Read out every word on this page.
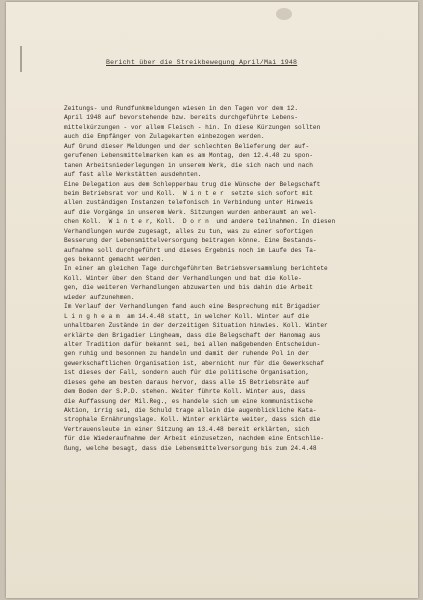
Bericht über die Streikbewegung April/Mai 1948
Zeitungs- und Rundfunkmeldungen wiesen in den Tagen vor dem 12.
April 1948 auf bevorstehende bzw. bereits durchgeführte Lebens-
mittelkürzungen - vor allem Fleisch - hin. In diese Kürzungen sollten
auch die Empfänger von Zulagekarten einbezogen werden.
Auf Grund dieser Meldungen und der schlechten Belieferung der auf-
gerufenen Lebensmittelmarken kam es am Montag, den 12.4.48 zu spon-
tanen Arbeitsniederlegungen in unserem Werk, die sich nach und nach
auf fast alle Werkstätten ausdehnten.
Eine Delegation aus dem Schlepperbau trug die Wünsche der Belegschaft
beim Betriebsrat vor und Koll.  W i n t e r  setzte sich sofort mit
allen zuständigen Instanzen telefonisch in Verbindung unter Hinweis
auf die Vorgänge in unserem Werk. Sitzungen wurden anberaumt an wel-
chen Koll.  W i n t e r, Koll.  D o r n  und andere teilnahmen. In diesen
Verhandlungen wurde zugesagt, alles zu tun, was zu einer sofortigen
Besserung der Lebensmittelversorgung beitragen könne. Eine Bestands-
aufnahme soll durchgeführt und dieses Ergebnis noch im Laufe des Ta-
ges bekannt gemacht werden.
In einer am gleichen Tage durchgeführten Betriebsversammlung berichtete
Koll. Winter über den Stand der Verhandlungen und bat die Kolle-
gen, die weiteren Verhandlungen abzuwarten und bis dahin die Arbeit
wieder aufzunehmen.
Im Verlauf der Verhandlungen fand auch eine Besprechung mit Brigadier
L i n g h e a m  am 14.4.48 statt, in welcher Koll. Winter auf die
unhaltbaren Zustände in der derzeitigen Situation hinwies. Koll. Winter
erklärte den Brigadier Lingheam, dass die Belegschaft der Hanomag aus
alter Tradition dafür bekannt sei, bei allen maßgebenden Entscheidun-
gen ruhig und besonnen zu handeln und damit der ruhende Pol in der
gewerkschaftlichen Organisation ist, abernicht nur für die Gewerkschaf
ist dieses der Fall, sondern auch für die politische Organisation,
dieses gehe am besten daraus hervor, dass alle 15 Betriebsräte auf
dem Boden der S.P.D. stehen. Weiter führte Koll. Winter aus, dass
die Auffassung der Mil.Reg., es handele sich um eine kommunistische
Aktion, irrig sei, die Schuld trage allein die augenblickliche Kata-
strophale Ernährungslage. Koll. Winter erklärte weiter, dass sich die
Vertrauensleute in einer Sitzung am 13.4.48 bereit erklärten, sich
für die Wiederaufnahme der Arbeit einzusetzen, nachdem eine Entschlie-
ßung, welche besagt, dass die Lebensmittelversorgung bis zum 24.4.48
